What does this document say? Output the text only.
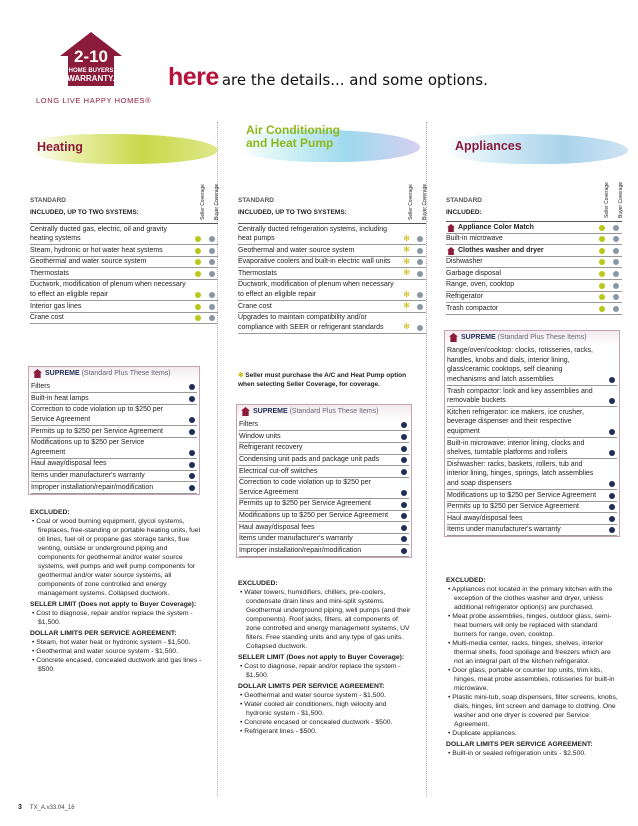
2-10
HOME BUYERS
WARRANTY.
LONG LIVE HAPPY HOMES®
here are the details... and some options.
Heating
STANDARD
INCLUDED, UP TO TWO SYSTEMS:	Seller Coverage Buyer Coverage
Centrally ducted gas, electric, oil and gravity heating systems
Steam, hydronic or hot water heat systems
Geothermal and water source system
Thermostats
Ductwork, modification of plenum when necessary to effect an eligible repair
Interior gas lines
Crane cost
SUPREME (Standard Plus These Items)
Filters
Built-in heat lamps
Correction to code violation up to $250 per Service Agreement
Permits up to $250 per Service Agreement
Modifications up to $250 per Service Agreement
Haul away/disposal fees
Items under manufacturer's warranty
Improper installation/repair/modification
EXCLUDED:
• Coal or wood burning equipment, glycol systems, fireplaces, free-standing or portable heating units, fuel oil lines, fuel oil or propane gas storage tanks, flue venting, outside or underground piping and components for geothermal and/or water source systems, well pumps and well pump components for geothermal and/or water source systems, all components of zone controlled and energy management systems. Collapsed ductwork.
SELLER LIMIT (Does not apply to Buyer Coverage):
• Cost to diagnose, repair and/or replace the system - $1,500.
DOLLAR LIMITS PER SERVICE AGREEMENT:
• Steam, hot water heat or hydronic system - $1,500.
• Geothermal and water source system - $1,500.
• Concrete encased, concealed ductwork and gas lines - $500.
Air Conditioning
and Heat Pump
STANDARD
INCLUDED, UP TO TWO SYSTEMS:	Seller Coverage Buyer Coverage
Centrally ducted refrigeration systems, including heat pumps	✻
Geothermal and water source system	✻
Evaporative coolers and built-in electric wall units ✻
Thermostats	✻
Ductwork, modification of plenum when necessary to effect an eligible repair	✻
Crane cost	✻
Upgrades to maintain compatibility and/or compliance with SEER or refrigerant standards ✻
✻ Seller must purchase the A/C and Heat Pump option when selecting Seller Coverage, for coverage.
SUPREME (Standard Plus These Items)
Filters
Window units
Refrigerant recovery
Condensing unit pads and package unit pads
Electrical cut-off switches
Correction to code violation up to $250 per Service Agreement
Permits up to $250 per Service Agreement
Modifications up to $250 per Service Agreement
Haul away/disposal fees
Items under manufacturer's warranty
Improper installation/repair/modification
EXCLUDED:
• Water towers, humidifiers, chillers, pre-coolers, condensate drain lines and mini-split systems. Geothermal underground piping, well pumps (and their components). Roof jacks, filters, all components of zone controlled and energy management systems, UV filters. Free standing units and any type of gas units. Collapsed ductwork.
SELLER LIMIT (Does not apply to Buyer Coverage):
• Cost to diagnose, repair and/or replace the system - $1,500.
DOLLAR LIMITS PER SERVICE AGREEMENT:
• Geothermal and water source system - $1,500.
• Water cooled air conditioners, high velocity and hydronic system - $1,500.
• Concrete encased or concealed ductwork - $500.
• Refrigerant lines - $500.
Appliances
STANDARD
INCLUDED:	Seller Coverage Buyer Coverage
Appliance Color Match
Built-in microwave
Clothes washer and dryer
Dishwasher
Garbage disposal
Range, oven, cooktop
Refrigerator
Trash compactor
SUPREME (Standard Plus These Items)
Range/oven/cooktop: clocks, rotisseries, racks, handles, knobs and dials, interior lining, glass/ceramic cooktops, self cleaning mechanisms and latch assemblies
Trash compactor: lock and key assemblies and removable buckets
Kitchen refrigerator: ice makers, ice crusher, beverage dispenser and their respective equipment
Built-in microwave: interior lining, clocks and shelves, turntable platforms and rollers
Dishwasher: racks, baskets, rollers, tub and interior lining, hinges, springs, latch assemblies and soap dispensers
Modifications up to $250 per Service Agreement
Permits up to $250 per Service Agreement
Haul away/disposal fees
Items under manufacturer's warranty
EXCLUDED:
• Appliances not located in the primary kitchen with the exception of the clothes washer and dryer, unless additional refrigerator option(s) are purchased.
• Meat probe assemblies, hinges, outdoor glass, semi-heat burners will only be replaced with standard burners for range, oven, cooktop.
• Multi-media center, racks, hinges, shelves, interior thermal shells, food spoilage and freezers which are not an integral part of the kitchen refrigerator.
• Door glass, portable or counter top units, trim kits, hinges, meat probe assemblies, rotisseries for built-in microwave.
• Plastic mini-tub, soap dispensers, filter screens, knobs, dials, hinges, lint screen and damage to clothing. One washer and one dryer is covered per Service Agreement.
• Duplicate appliances.
DOLLAR LIMITS PER SERVICE AGREEMENT:
• Built-in or sealed refrigeration units - $2,500.
3 TX_A.v33.04_16
